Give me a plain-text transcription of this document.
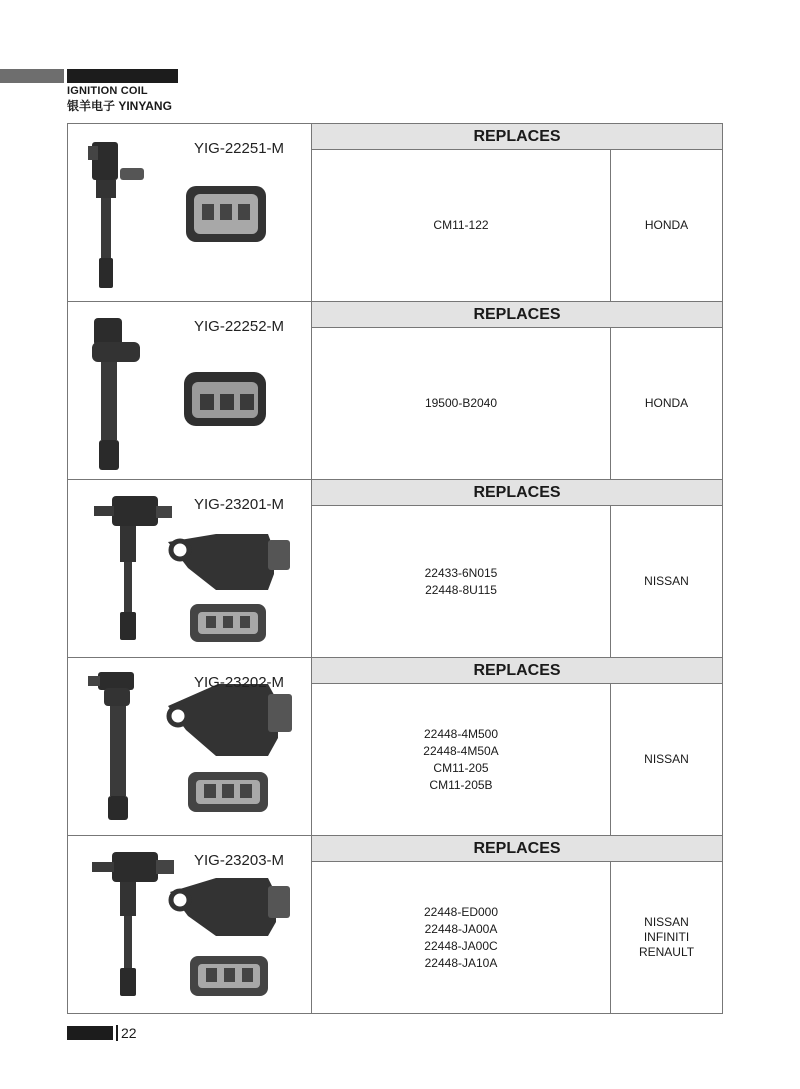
IGNITION COIL
银羊电子 YINYANG
YIG-22251-M
REPLACES
CM11-122	HONDA
YIG-22252-M
REPLACES
19500-B2040	HONDA
YIG-23201-M
REPLACES
22433-6N015
22448-8U115
NISSAN
YIG-23202-M
REPLACES
22448-4M500
22448-4M50A
CM11-205
CM11-205B
NISSAN
YIG-23203-M
REPLACES
22448-ED000
22448-JA00A
22448-JA00C
22448-JA10A
NISSAN
INFINITI
RENAULT
22
